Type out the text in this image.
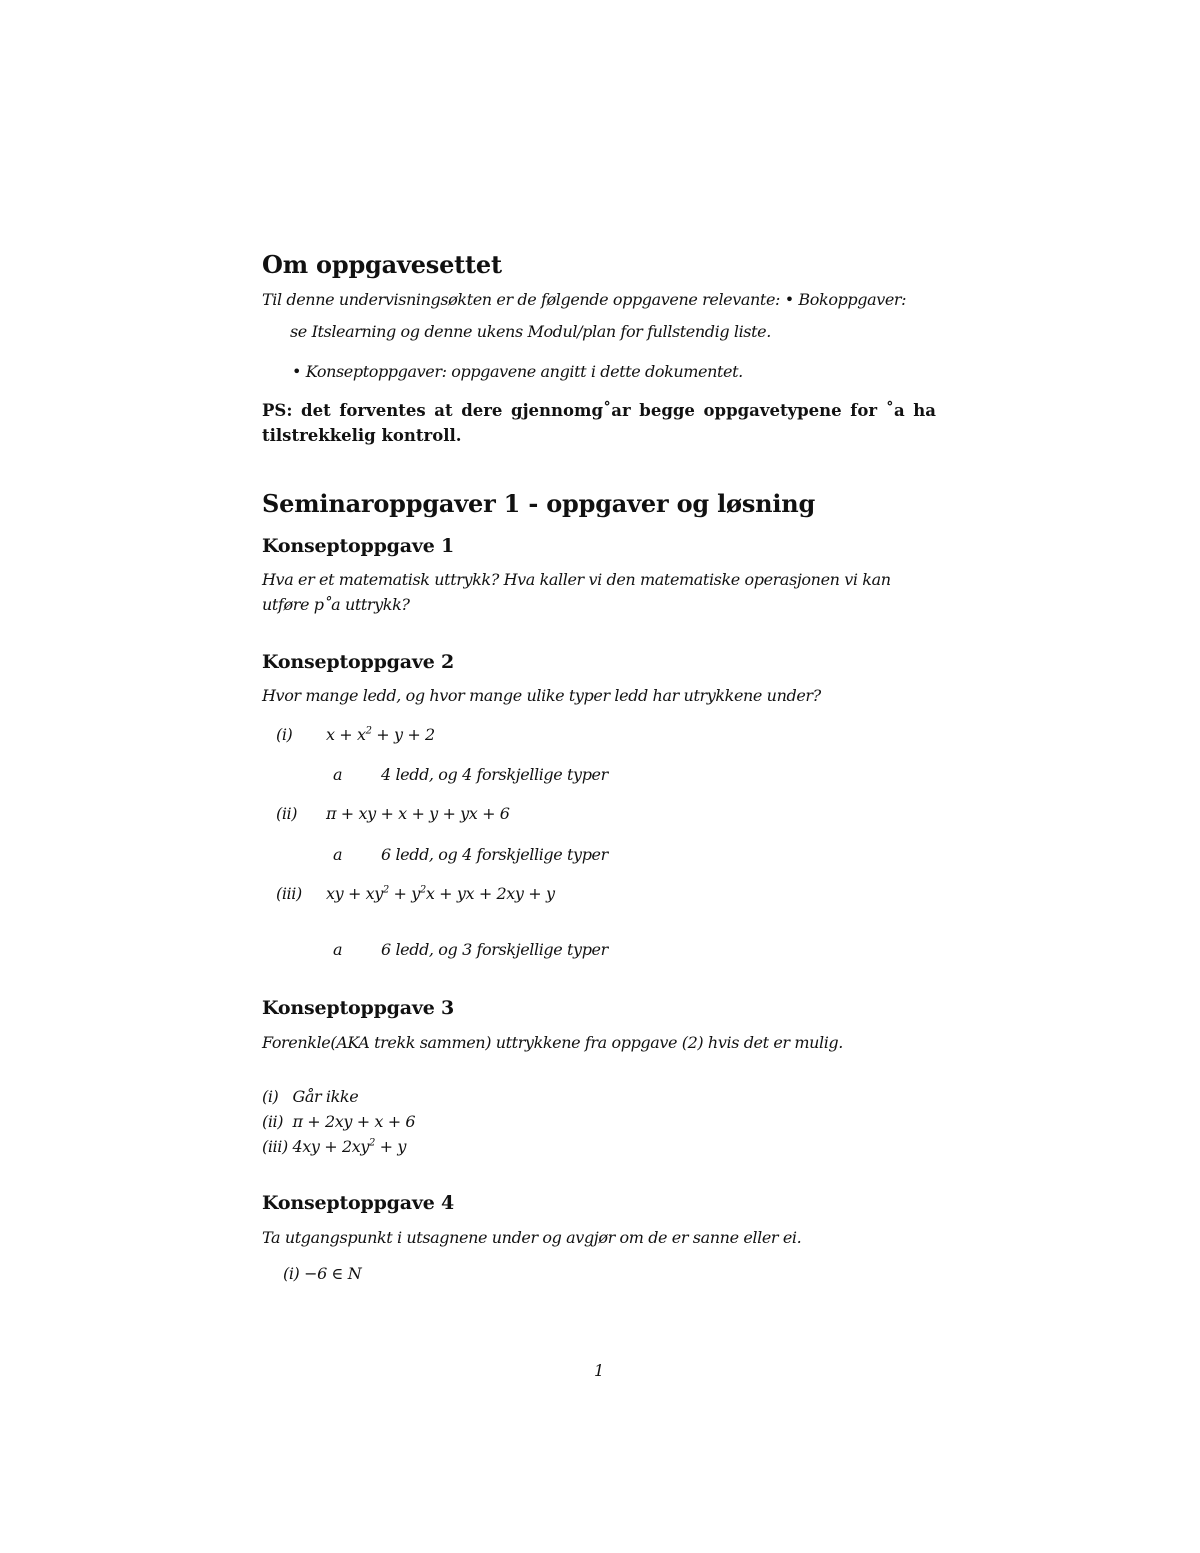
Om oppgavesettet
Til denne undervisningsøkten er de følgende oppgavene relevante: • Bokoppgaver:
se Itslearning og denne ukens Modul/plan for fullstendig liste.
• Konseptoppgaver: oppgavene angitt i dette dokumentet.
PS: det forventes at dere gjennomg˚ar begge oppgavetypene for ˚a ha
tilstrekkelig kontroll.
Seminaroppgaver 1 - oppgaver og løsning
Konseptoppgave 1
Hva er et matematisk uttrykk? Hva kaller vi den matematiske operasjonen vi kan
utføre p˚a uttrykk?
Konseptoppgave 2
Hvor mange ledd, og hvor mange ulike typer ledd har utrykkene under?
(i) $x + x^2 + y + 2$
a 4 ledd, og 4 forskjellige typer
(ii) π + xy + x + y + yx + 6
a 6 ledd, og 4 forskjellige typer
(iii) xy + $xy^2 + y^2x$ + yx + 2xy + y
a 6 ledd, og 3 forskjellige typer
Konseptoppgave 3
Forenkle(AKA trekk sammen) uttrykkene fra oppgave (2) hvis det er mulig.
(i) Går ikke
(ii) π + 2xy + x + 6
(iii) $4xy + 2xy^2 + y$
Konseptoppgave 4
Ta utgangspunkt i utsagnene under og avgjør om de er sanne eller ei.
(i) −6 ∈ N
1
